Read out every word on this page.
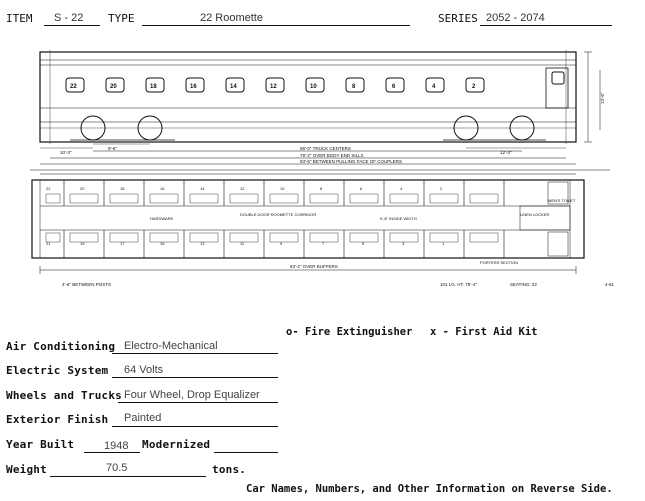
ITEM S - 22 TYPE	22 Roomette	SERIES 2052 - 2074
22	20	18	16	14	12	10	8	6	4	2
10'-3"
9'-6"
12'-3"
13'-6"
59'-0" TRUCK CENTERS
79'-2" OVER BODY END SILLS
83'-6" BETWEEN PULLING FACE OF COUPLERS
22	20	18	16	14	12	10	8	6	4	2
21	19	17	15	13	11	9	7	5	3	1
HARDWARE
DOUBLE DOOR ROOMETTE CORRIDOR
9'-8" INSIDE WIDTH
LINEN LOCKER
MEN'S TOILET
PORTERS SECTION
83'-2" OVER BUFFERS
4'-6" BETWEEN POSTS	101 LG. HT. 75'-4"	SEATING: 22	4-61
o- Fire Extinguisher x - First Aid Kit
Air Conditioning Electro-Mechanical
Electric System 64 Volts
Wheels and Trucks Four Wheel, Drop Equalizer
Exterior Finish Painted
Year Built	1948 Modernized
Weight	70.5	tons.
Car Names, Numbers, and Other Information on Reverse Side.
